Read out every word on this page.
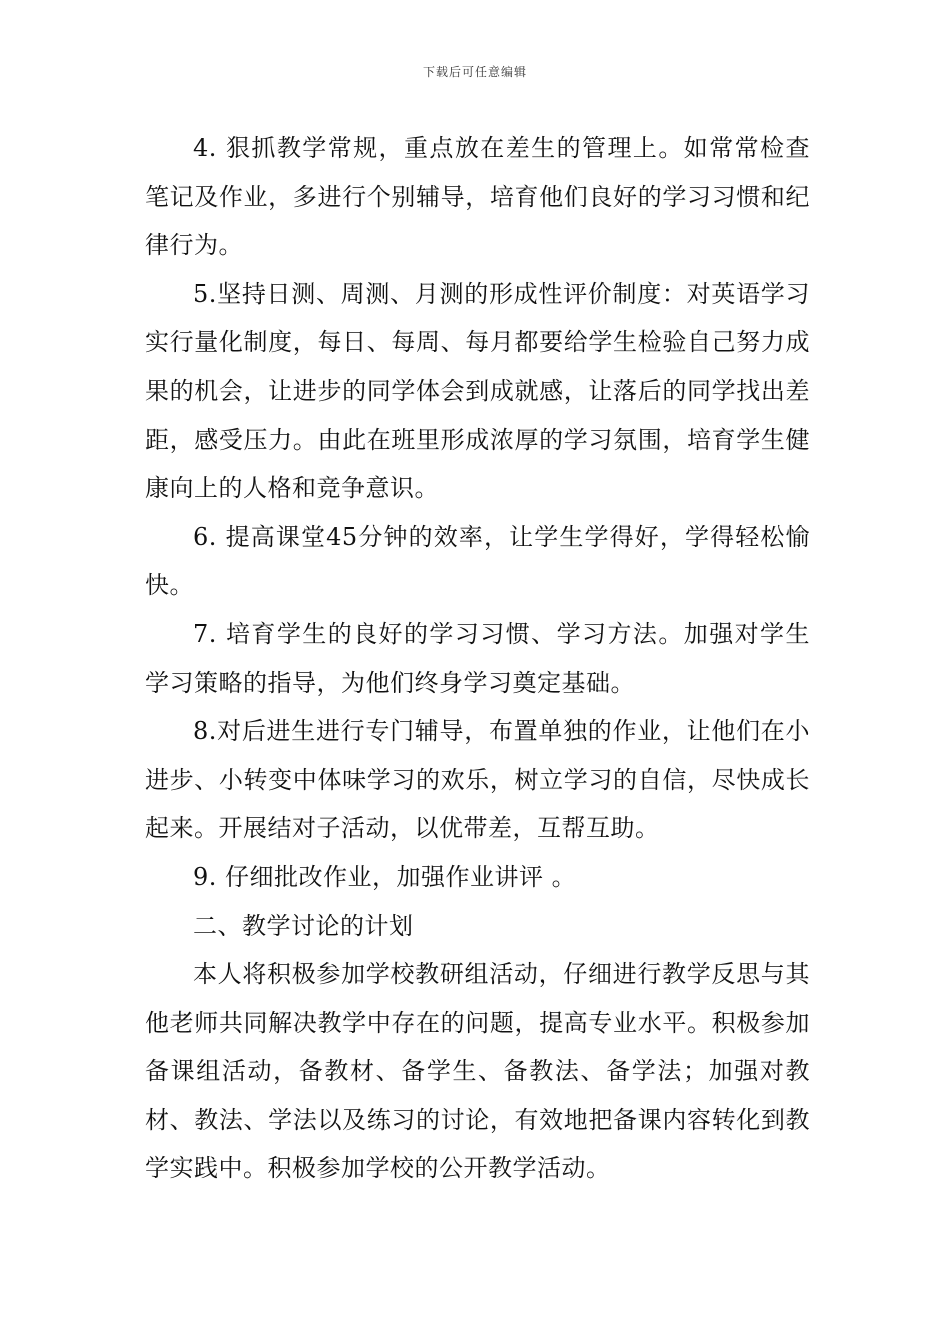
下载后可任意编辑

4. 狠抓教学常规，重点放在差生的管理上。如常常检查笔记及作业，多进行个别辅导，培育他们良好的学习习惯和纪律行为。

5.坚持日测、周测、月测的形成性评价制度：对英语学习实行量化制度，每日、每周、每月都要给学生检验自己努力成果的机会，让进步的同学体会到成就感，让落后的同学找出差距，感受压力。由此在班里形成浓厚的学习氛围，培育学生健康向上的人格和竞争意识。

6. 提高课堂45分钟的效率，让学生学得好，学得轻松愉快。

7. 培育学生的良好的学习习惯、学习方法。加强对学生学习策略的指导，为他们终身学习奠定基础。

8.对后进生进行专门辅导，布置单独的作业，让他们在小进步、小转变中体味学习的欢乐，树立学习的自信，尽快成长起来。开展结对子活动，以优带差，互帮互助。

9. 仔细批改作业，加强作业讲评 。

二、教学讨论的计划

本人将积极参加学校教研组活动，仔细进行教学反思与其他老师共同解决教学中存在的问题，提高专业水平。积极参加备课组活动，备教材、备学生、备教法、备学法；加强对教材、教法、学法以及练习的讨论，有效地把备课内容转化到教学实践中。积极参加学校的公开教学活动。
